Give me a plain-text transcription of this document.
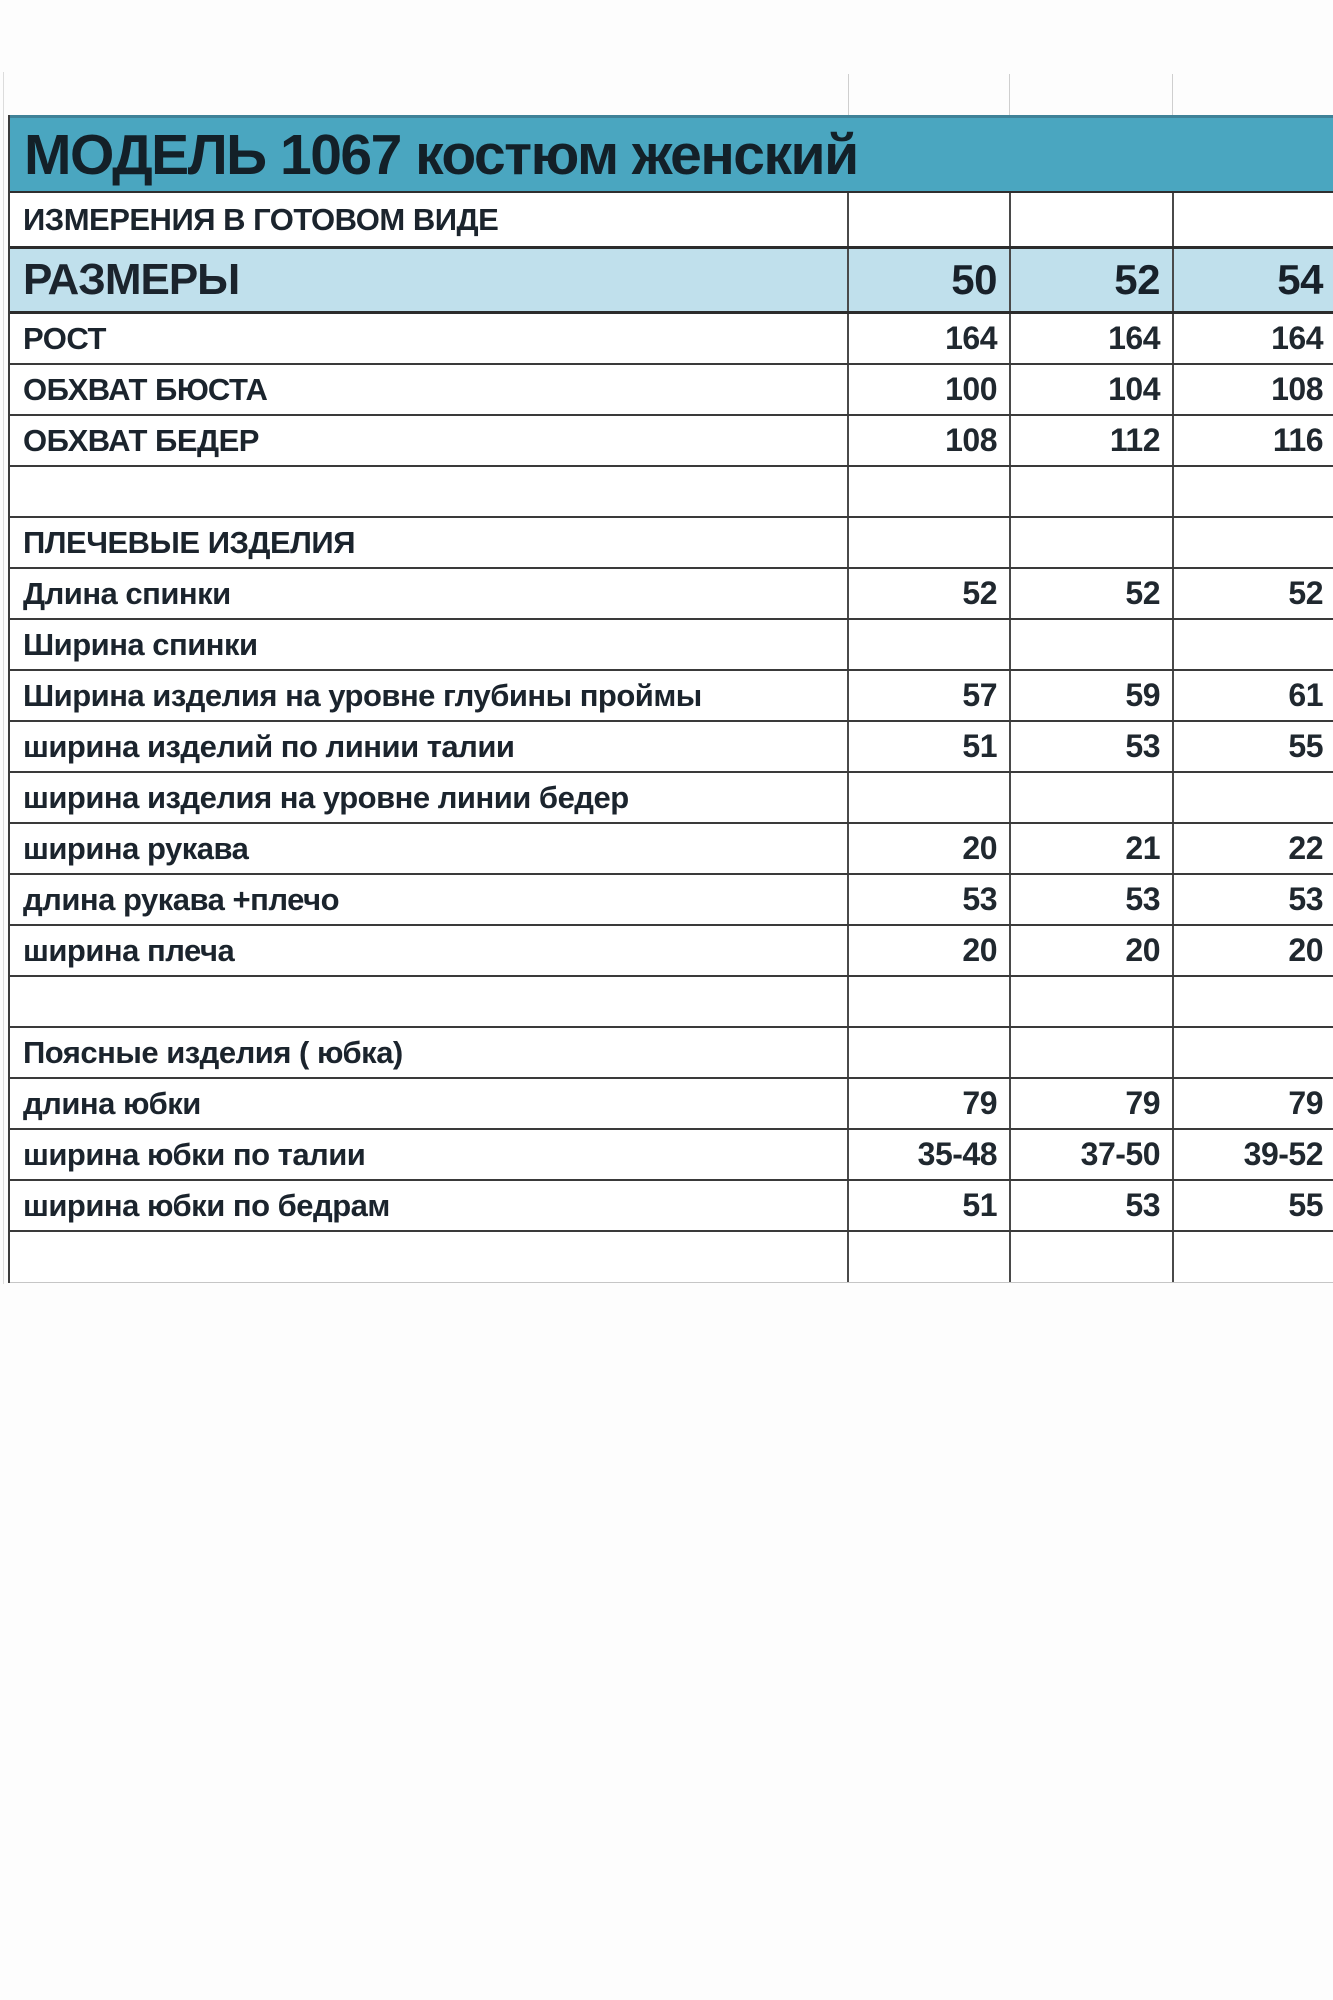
МОДЕЛЬ 1067 костюм женский
ИЗМЕРЕНИЯ В ГОТОВОМ ВИДЕ
РАЗМЕРЫ	50	52	54
РОСТ	164	164	164
ОБХВАТ БЮСТА	100	104	108
ОБХВАТ БЕДЕР	108	112	116
ПЛЕЧЕВЫЕ ИЗДЕЛИЯ
Длина спинки	52	52	52
Ширина спинки
Ширина изделия на уровне глубины проймы	57	59	61
ширина изделий по линии талии	51	53	55
ширина изделия на уровне линии бедер
ширина рукава	20	21	22
длина рукава +плечо	53	53	53
ширина плеча	20	20	20
Поясные изделия ( юбка)
длина юбки	79	79	79
ширина юбки по талии	35-48	37-50	39-52
ширина юбки по бедрам	51	53	55
